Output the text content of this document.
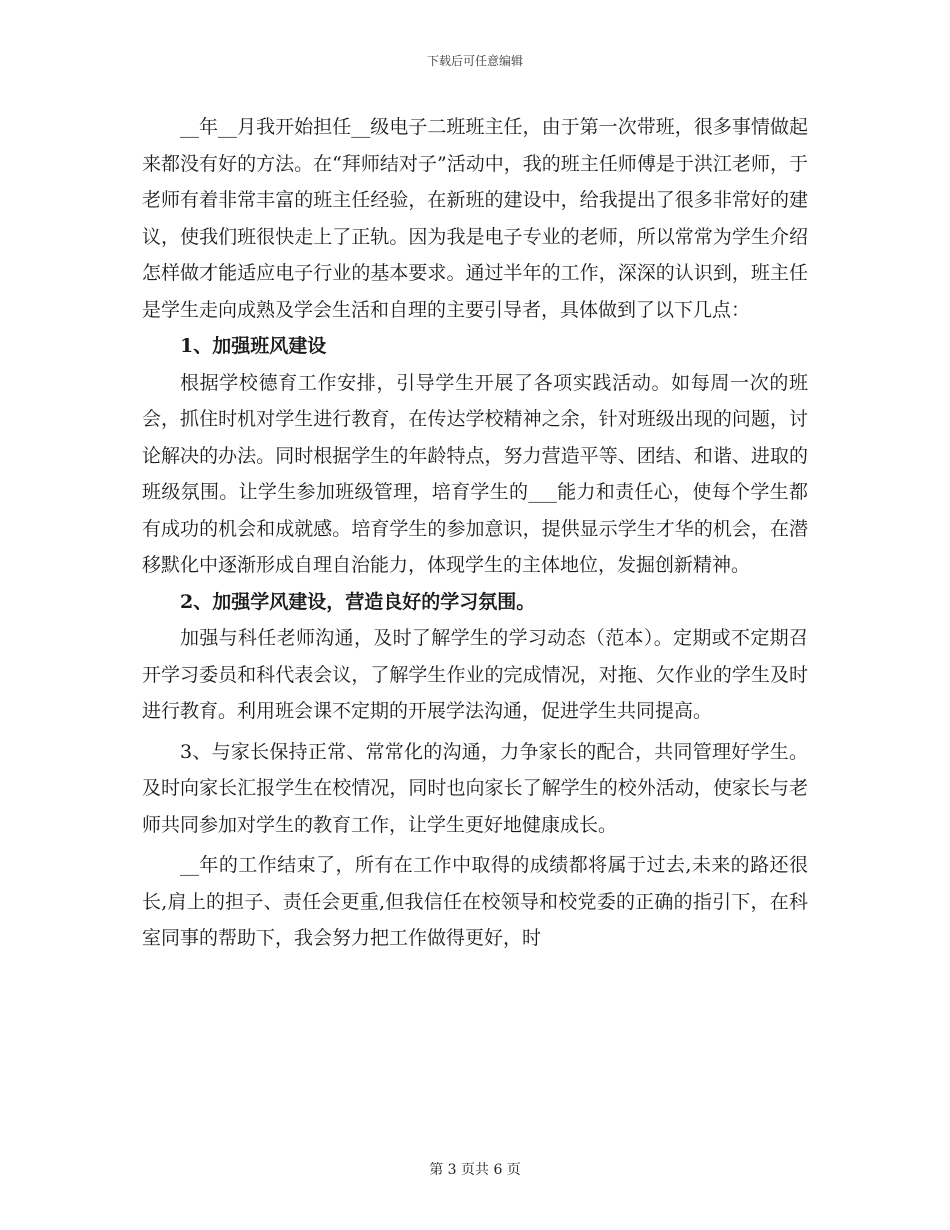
下载后可任意编辑

__年__月我开始担任__级电子二班班主任，由于第一次带班，很多事情做起来都没有好的方法。在“拜师结对子”活动中，我的班主任师傅是于洪江老师，于老师有着非常丰富的班主任经验，在新班的建设中，给我提出了很多非常好的建议，使我们班很快走上了正轨。因为我是电子专业的老师，所以常常为学生介绍怎样做才能适应电子行业的基本要求。通过半年的工作，深深的认识到，班主任是学生走向成熟及学会生活和自理的主要引导者，具体做到了以下几点：

1、加强班风建设

根据学校德育工作安排，引导学生开展了各项实践活动。如每周一次的班会，抓住时机对学生进行教育，在传达学校精神之余，针对班级出现的问题，讨论解决的办法。同时根据学生的年龄特点，努力营造平等、团结、和谐、进取的班级氛围。让学生参加班级管理，培育学生的___能力和责任心，使每个学生都有成功的机会和成就感。培育学生的参加意识，提供显示学生才华的机会，在潜移默化中逐渐形成自理自治能力，体现学生的主体地位，发掘创新精神。

2、加强学风建设，营造良好的学习氛围。

加强与科任老师沟通，及时了解学生的学习动态（范本）。定期或不定期召开学习委员和科代表会议，了解学生作业的完成情况，对拖、欠作业的学生及时进行教育。利用班会课不定期的开展学法沟通，促进学生共同提高。

3、与家长保持正常、常常化的沟通，力争家长的配合，共同管理好学生。及时向家长汇报学生在校情况，同时也向家长了解学生的校外活动，使家长与老师共同参加对学生的教育工作，让学生更好地健康成长。

__年的工作结束了，所有在工作中取得的成绩都将属于过去,未来的路还很长,肩上的担子、责任会更重,但我信任在校领导和校党委的正确的指引下，在科室同事的帮助下，我会努力把工作做得更好，时

第 3 页共 6 页
